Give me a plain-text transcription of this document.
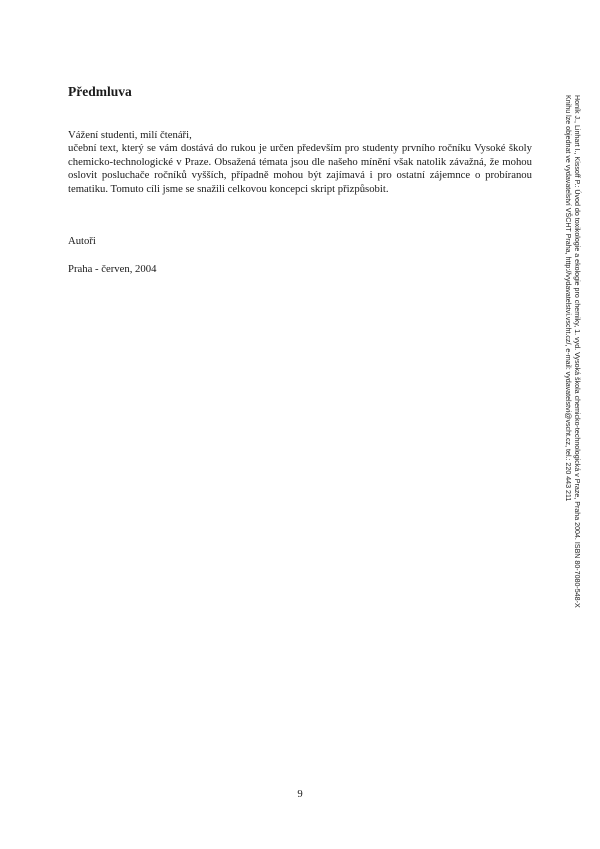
Předmluva

Vážení studenti, milí čtenáři,

učební text, který se vám dostává do rukou je určen především pro studenty prvního ročníku Vysoké školy chemicko-technologické v Praze. Obsažená témata jsou dle našeho mínění však natolik závažná, že mohou oslovit posluchače ročníků vyšších, případně mohou být zajímavá i pro ostatní zájemnce o probíranou tematiku. Tomuto cíli jsme se snažili celkovou koncepci skript přizpůsobit.

Autoři

Praha - červen, 2004

9

Honík J., Linhart I., Kissoff P.: Úvod do toxikologie a ekologie pro chemiky, 1. vyd. Vysoká škola chemicko-technologická v Praze, Praha 2004. ISBN 80-7080-548-X
Knihu lze objednat ve vydavatelství VŠCHT Praha, http://vydavatelstvi.vscht.cz/, e-mail: vydavatelstvi@vscht.cz, tel.: 220 443 211
